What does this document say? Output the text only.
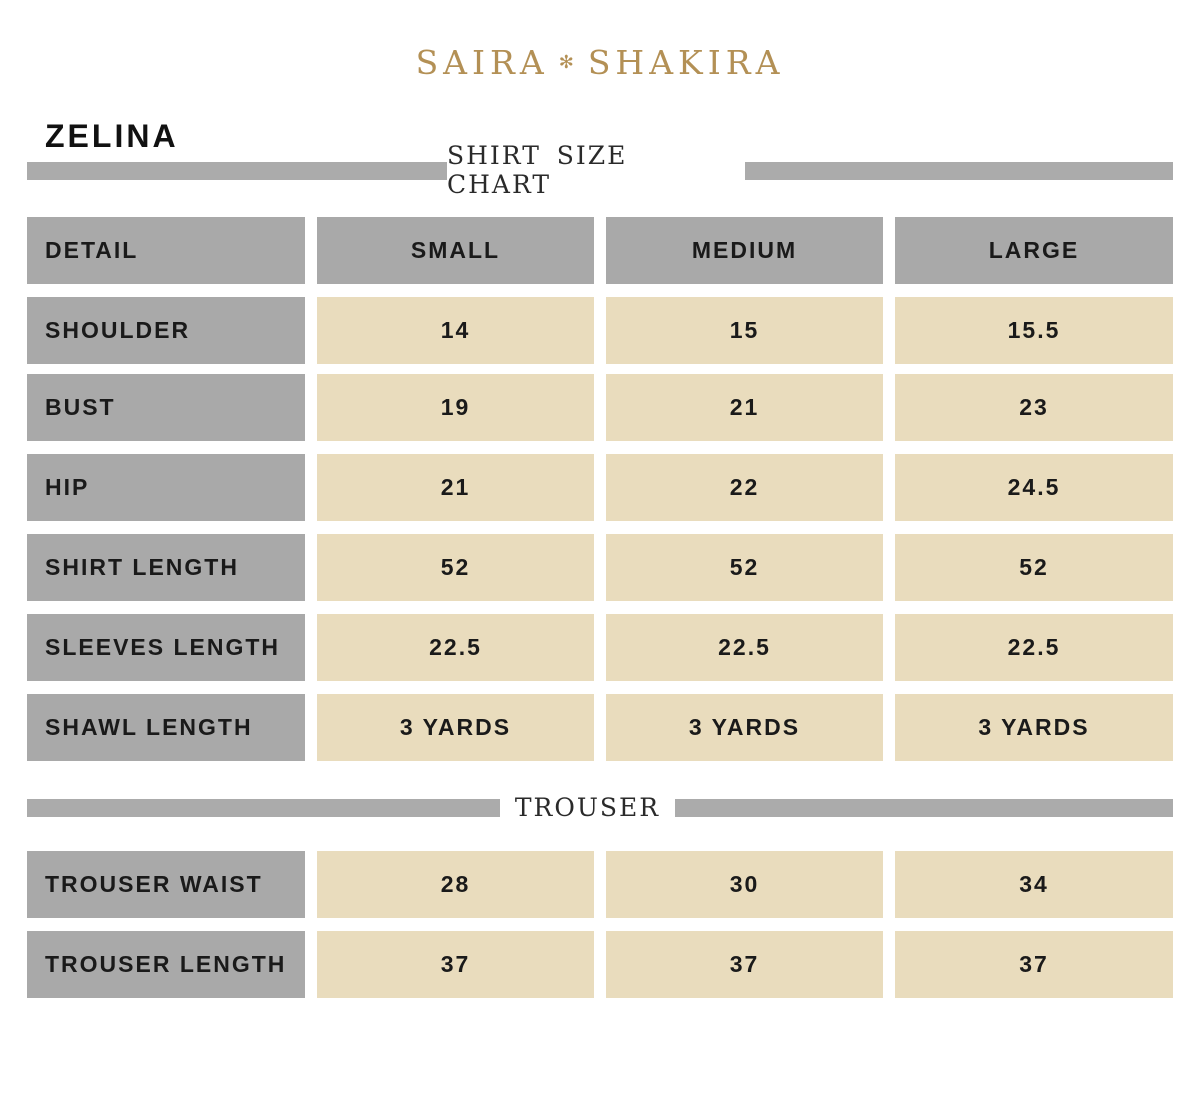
SAIRA ✻ SHAKIRA
ZELINA
SHIRT SIZE CHART
DETAIL	SMALL	MEDIUM	LARGE
SHOULDER	14	15	15.5
BUST	19	21	23
HIP	21	22	24.5
SHIRT LENGTH	52	52	52
SLEEVES LENGTH	22.5	22.5	22.5
SHAWL LENGTH	3 YARDS	3 YARDS	3 YARDS
TROUSER
TROUSER WAIST	28	30	34
TROUSER LENGTH	37	37	37
